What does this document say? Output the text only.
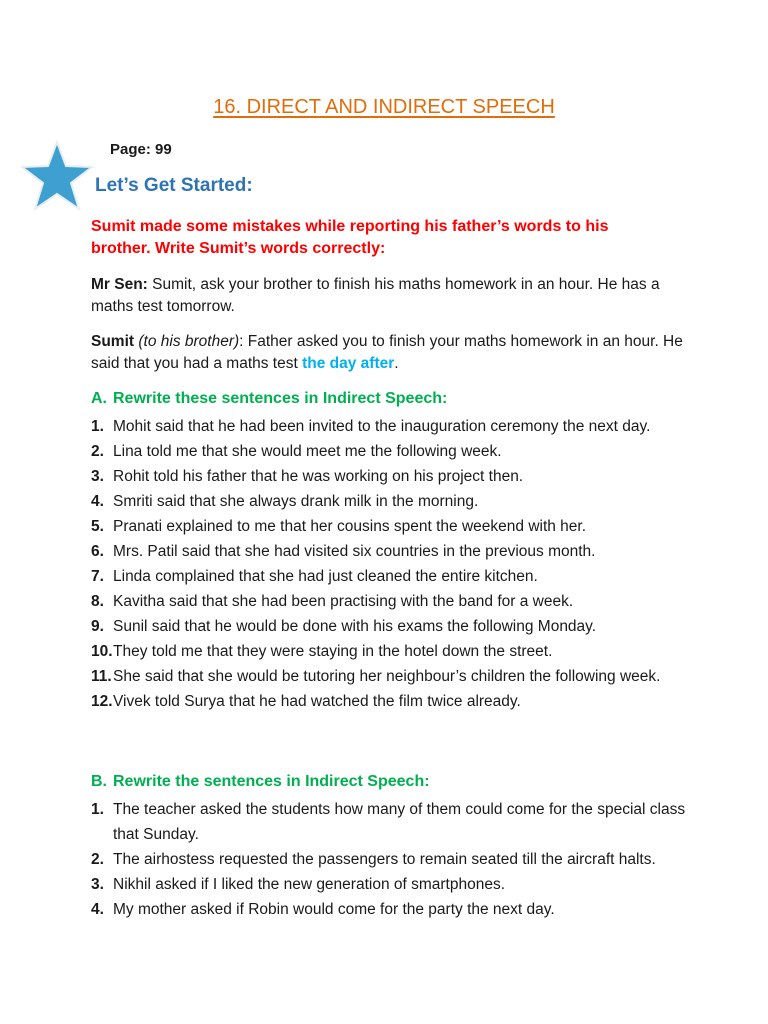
16. DIRECT AND INDIRECT SPEECH
Page: 99
Let’s Get Started:
Sumit made some mistakes while reporting his father’s words to his brother. Write Sumit’s words correctly:
Mr Sen: Sumit, ask your brother to finish his maths homework in an hour. He has a maths test tomorrow.
Sumit (to his brother): Father asked you to finish your maths homework in an hour. He said that you had a maths test the day after.
A. Rewrite these sentences in Indirect Speech:
1. Mohit said that he had been invited to the inauguration ceremony the next day.
2. Lina told me that she would meet me the following week.
3. Rohit told his father that he was working on his project then.
4. Smriti said that she always drank milk in the morning.
5. Pranati explained to me that her cousins spent the weekend with her.
6. Mrs. Patil said that she had visited six countries in the previous month.
7. Linda complained that she had just cleaned the entire kitchen.
8. Kavitha said that she had been practising with the band for a week.
9. Sunil said that he would be done with his exams the following Monday.
10. They told me that they were staying in the hotel down the street.
11. She said that she would be tutoring her neighbour’s children the following week.
12. Vivek told Surya that he had watched the film twice already.
B. Rewrite the sentences in Indirect Speech:
1. The teacher asked the students how many of them could come for the special class that Sunday.
2. The airhostess requested the passengers to remain seated till the aircraft halts.
3. Nikhil asked if I liked the new generation of smartphones.
4. My mother asked if Robin would come for the party the next day.
